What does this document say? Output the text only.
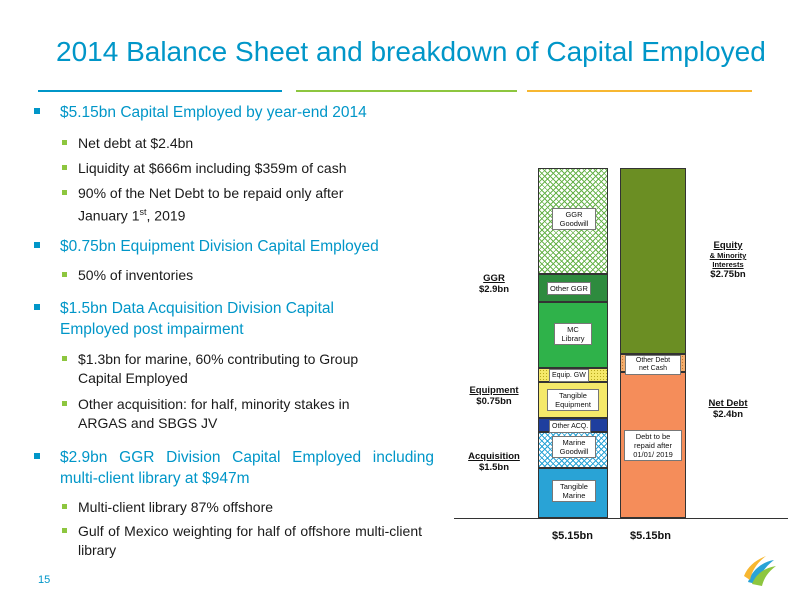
2014 Balance Sheet and breakdown of Capital Employed
$5.15bn Capital Employed by year-end 2014
Net debt at $2.4bn
Liquidity at $666m including $359m of cash
90% of the Net Debt to be repaid only after
January 1st, 2019
$0.75bn Equipment Division Capital Employed
50% of inventories
$1.5bn Data Acquisition Division Capital
Employed post impairment
$1.3bn for marine, 60% contributing to Group
Capital Employed
Other acquisition: for half, minority stakes in
ARGAS and SBGS JV
$2.9bn GGR Division Capital Employed including multi-client library at $947m
Multi-client library 87% offshore
Gulf of Mexico weighting for half of offshore multi-client library
15
GGR
Goodwill
Other GGR
MC
Library
Equip. GW
Tangible
Equipment
Other ACQ.
Marine
Goodwill
Tangible
Marine
Other Debt
net Cash
Debt to be
repaid after
01/01/ 2019
GGR
$2.9bn
Equipment
$0.75bn
Acquisition
$1.5bn
Equity
& Minority
Interests
$2.75bn
Net Debt
$2.4bn
$5.15bn	$5.15bn
